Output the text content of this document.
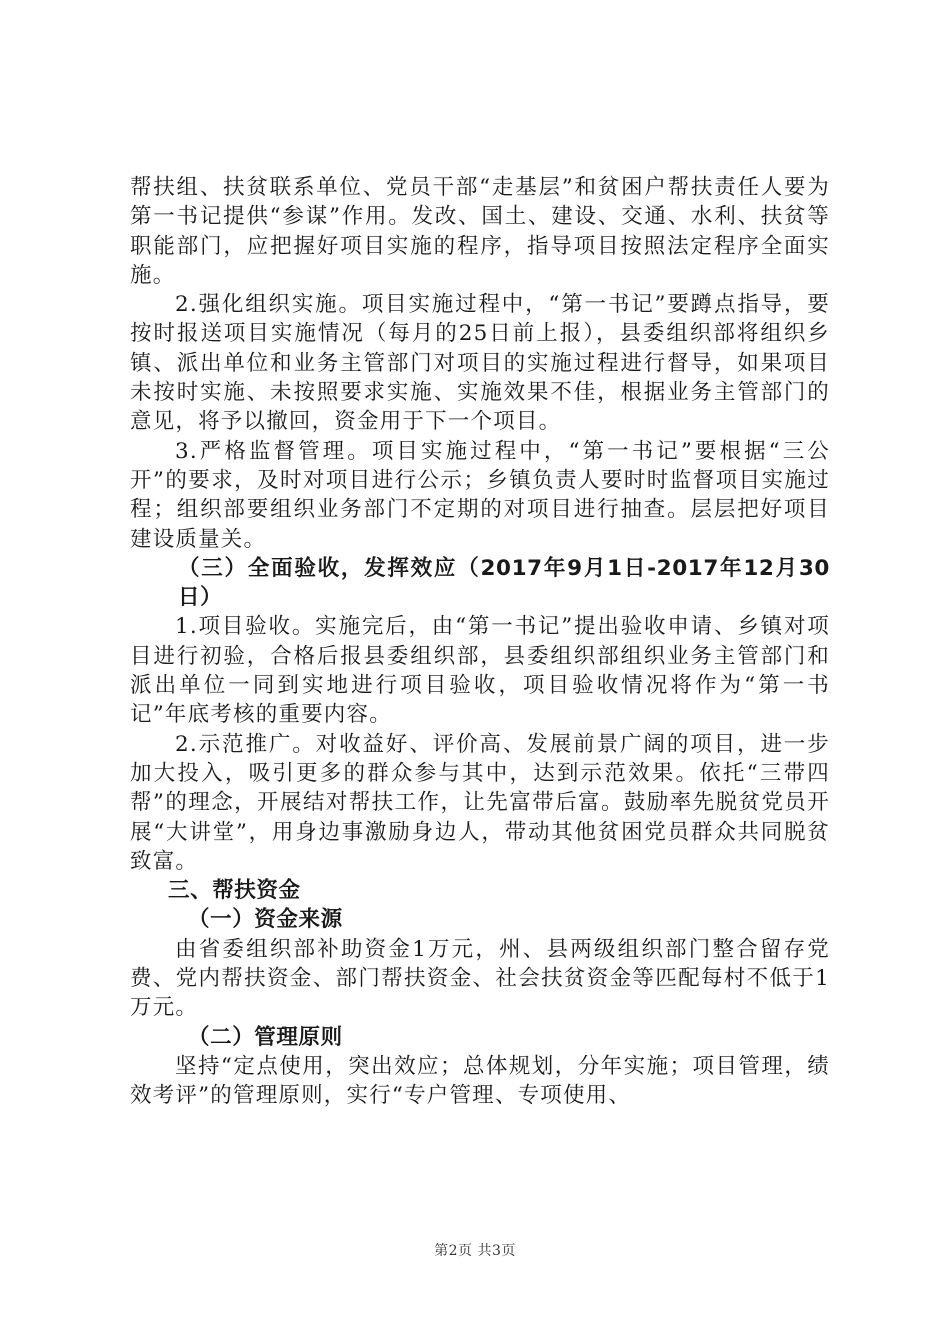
帮扶组、扶贫联系单位、党员干部“走基层”和贫困户帮扶责任人要为第一书记提供“参谋”作用。发改、国土、建设、交通、水利、扶贫等职能部门，应把握好项目实施的程序，指导项目按照法定程序全面实施。

2.强化组织实施。项目实施过程中，“第一书记”要蹲点指导，要按时报送项目实施情况（每月的25日前上报），县委组织部将组织乡镇、派出单位和业务主管部门对项目的实施过程进行督导，如果项目未按时实施、未按照要求实施、实施效果不佳，根据业务主管部门的意见，将予以撤回，资金用于下一个项目。

3.严格监督管理。项目实施过程中，“第一书记”要根据“三公开”的要求，及时对项目进行公示；乡镇负责人要时时监督项目实施过程；组织部要组织业务部门不定期的对项目进行抽查。层层把好项目建设质量关。

（三）全面验收，发挥效应（2017年9月1日-2017年12月30日）

1.项目验收。实施完后，由“第一书记”提出验收申请、乡镇对项目进行初验，合格后报县委组织部，县委组织部组织业务主管部门和派出单位一同到实地进行项目验收，项目验收情况将作为“第一书记”年底考核的重要内容。

2.示范推广。对收益好、评价高、发展前景广阔的项目，进一步加大投入，吸引更多的群众参与其中，达到示范效果。依托“三带四帮”的理念，开展结对帮扶工作，让先富带后富。鼓励率先脱贫党员开展“大讲堂”，用身边事激励身边人，带动其他贫困党员群众共同脱贫致富。

三、帮扶资金

（一）资金来源

由省委组织部补助资金1万元，州、县两级组织部门整合留存党费、党内帮扶资金、部门帮扶资金、社会扶贫资金等匹配每村不低于1万元。

（二）管理原则

坚持“定点使用，突出效应；总体规划，分年实施；项目管理，绩效考评”的管理原则，实行“专户管理、专项使用、

第2页 共3页
